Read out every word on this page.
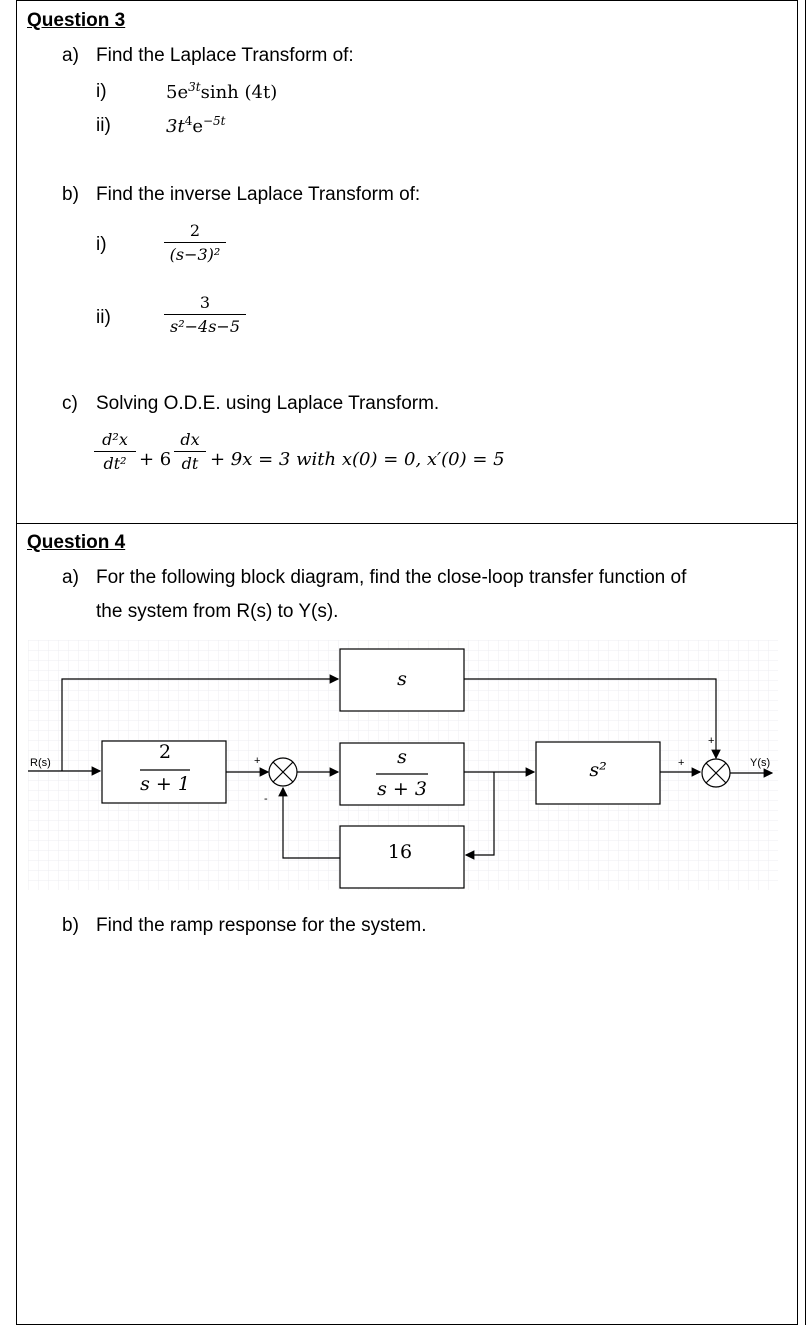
Question 3
a) Find the Laplace Transform of:
i)	$5e^{3t}\sinh$ (4t)
ii)	$3t^4e^{-5t}$
b) Find the inverse Laplace Transform of:
i)
2
(s−3)²
ii)
3
s²−4s−5
c) Solving O.D.E. using Laplace Transform.
d²x
dt² + 6
dx
dt + 9x = 3 with x(0) = 0, x′(0) = 5
Question 4
a) For the following block diagram, find the close-loop transfer function of
the system from R(s) to Y(s).
R(s)
s
2
s + 1
+
-
s
s + 3
s²	+
+
Y(s)
16
b) Find the ramp response for the system.
